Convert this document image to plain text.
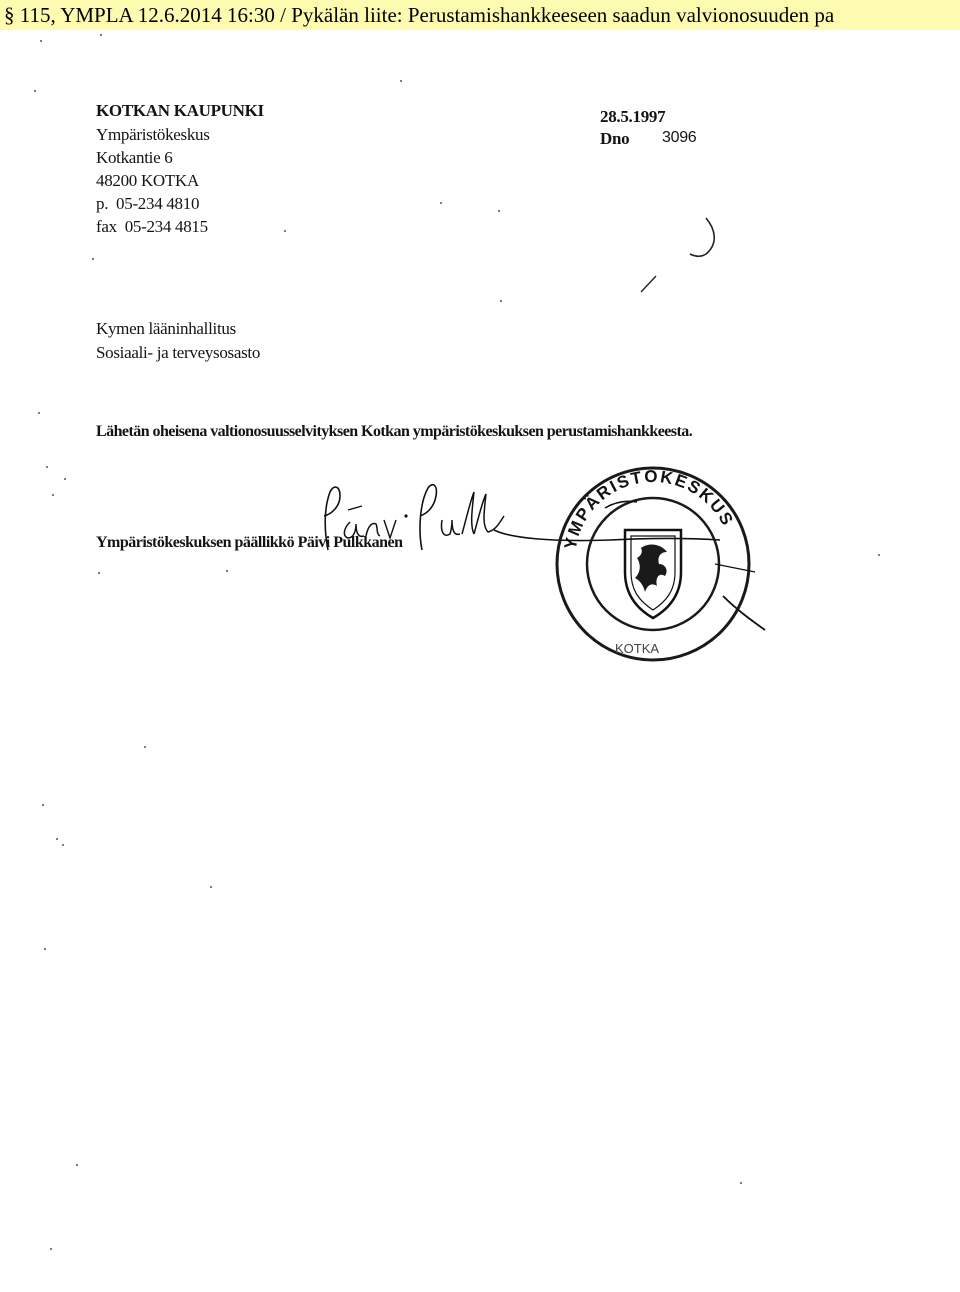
§ 115, YMPLA 12.6.2014 16:30 / Pykälän liite: Perustamishankkeeseen saadun valvionosuuden pa
KOTKAN KAUPUNKI
Ympäristökeskus
Kotkantie 6
48200 KOTKA
p.  05-234 4810
fax  05-234 4815
28.5.1997
Dno 3096
Kymen lääninhallitus
Sosiaali- ja terveysosasto
Lähetän oheisena valtionosuusselvityksen Kotkan ympäristökeskuksen perustamishankkeesta.
Ympäristökeskuksen päällikkö Päivi Pulkkanen	YMPÄRISTÖKESKUS
KOTKA
